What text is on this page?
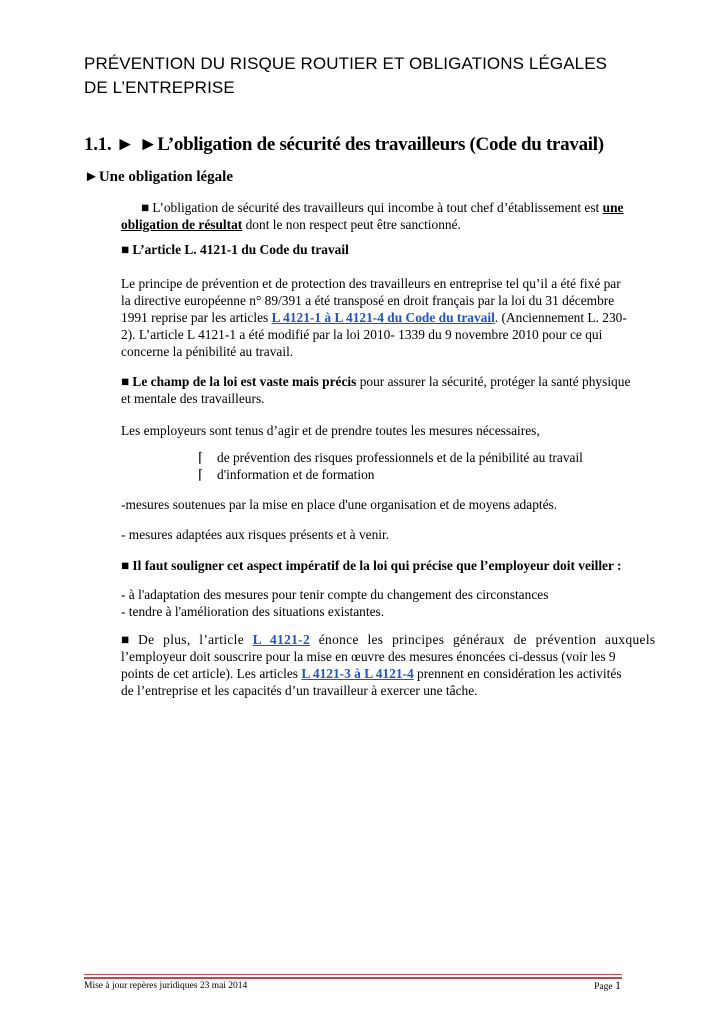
PRÉVENTION DU RISQUE ROUTIER ET OBLIGATIONS LÉGALES
DE L’ENTREPRISE
1.1. ► ►L’obligation de sécurité des travailleurs (Code du travail)
►Une obligation légale
■ L’obligation de sécurité des travailleurs qui incombe à tout chef d’établissement est une
obligation de résultat dont le non respect peut être sanctionné.
■ L’article L. 4121-1 du Code du travail
Le principe de prévention et de protection des travailleurs en entreprise tel qu’il a été fixé par
la directive européenne n° 89/391 a été transposé en droit français par la loi du 31 décembre
1991 reprise par les articles L 4121-1 à L 4121-4 du Code du travail. (Anciennement L. 230-
2). L’article L 4121-1 a été modifié par la loi 2010- 1339 du 9 novembre 2010 pour ce qui
concerne la pénibilité au travail.
■ Le champ de la loi est vaste mais précis pour assurer la sécurité, protéger la santé physique
et mentale des travailleurs.
Les employeurs sont tenus d’agir et de prendre toutes les mesures nécessaires,
⌈ de prévention des risques professionnels et de la pénibilité au travail
⌈ d'information et de formation
-mesures soutenues par la mise en place d'une organisation et de moyens adaptés.
- mesures adaptées aux risques présents et à venir.
■ Il faut souligner cet aspect impératif de la loi qui précise que l’employeur doit veiller :
- à l'adaptation des mesures pour tenir compte du changement des circonstances
- tendre à l'amélioration des situations existantes.
■ De plus, l’article L 4121-2 énonce les principes généraux de prévention auxquels
l’employeur doit souscrire pour la mise en œuvre des mesures énoncées ci-dessus (voir les 9
points de cet article). Les articles L 4121-3 à L 4121-4 prennent en considération les activités
de l’entreprise et les capacités d’un travailleur à exercer une tâche.
Mise à jour repères juridiques 23 mai 2014	Page 1
